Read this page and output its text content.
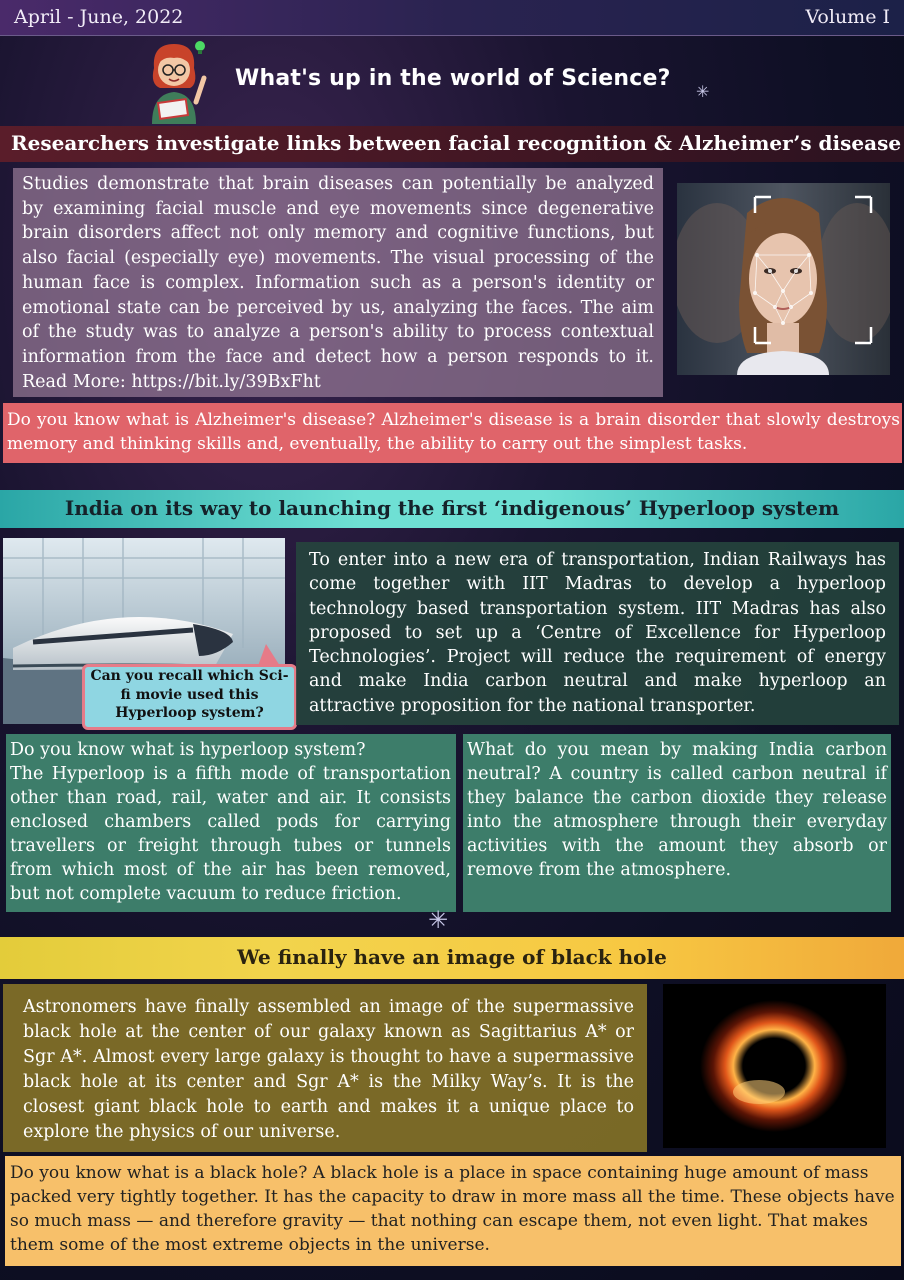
April - June, 2022	Volume I
What's up in the world of Science?
✳
Researchers investigate links between facial recognition & Alzheimer’s disease
Studies demonstrate that brain diseases can potentially be analyzed by examining facial muscle and eye movements since degenerative brain disorders affect not only memory and cognitive functions, but also facial (especially eye) movements. The visual processing of the human face is complex. Information such as a person's identity or emotional state can be perceived by us, analyzing the faces. The aim of the study was to analyze a person's ability to process contextual information from the face and detect how a person responds to it. Read More: https://bit.ly/39BxFht
Do you know what is Alzheimer's disease? Alzheimer's disease is a brain disorder that slowly destroys memory and thinking skills and, eventually, the ability to carry out the simplest tasks.
India on its way to launching the first ‘indigenous’ Hyperloop system
Can you recall which Sci-fi movie used this Hyperloop system?
To enter into a new era of transportation, Indian Railways has come together with IIT Madras to develop a hyperloop technology based transportation system. IIT Madras has also proposed to set up a ‘Centre of Excellence for Hyperloop Technologies’. Project will reduce the requirement of energy and make India carbon neutral and make hyperloop an attractive proposition for the national transporter.
Do you know what is hyperloop system?
The Hyperloop is a fifth mode of transportation other than road, rail, water and air. It consists enclosed chambers called pods for carrying travellers or freight through tubes or tunnels from which most of the air has been removed, but not complete vacuum to reduce friction.
What do you mean by making India carbon neutral? A country is called carbon neutral if they balance the carbon dioxide they release into the atmosphere through their everyday activities with the amount they absorb or remove from the atmosphere.
✳
We finally have an image of black hole
Astronomers have finally assembled an image of the supermassive black hole at the center of our galaxy known as Sagittarius A* or Sgr A*. Almost every large galaxy is thought to have a supermassive black hole at its center and Sgr A* is the Milky Way’s. It is the closest giant black hole to earth and makes it a unique place to explore the physics of our universe.
Do you know what is a black hole? A black hole is a place in space containing huge amount of mass packed very tightly together. It has the capacity to draw in more mass all the time. These objects have so much mass — and therefore gravity — that nothing can escape them, not even light. That makes them some of the most extreme objects in the universe.
